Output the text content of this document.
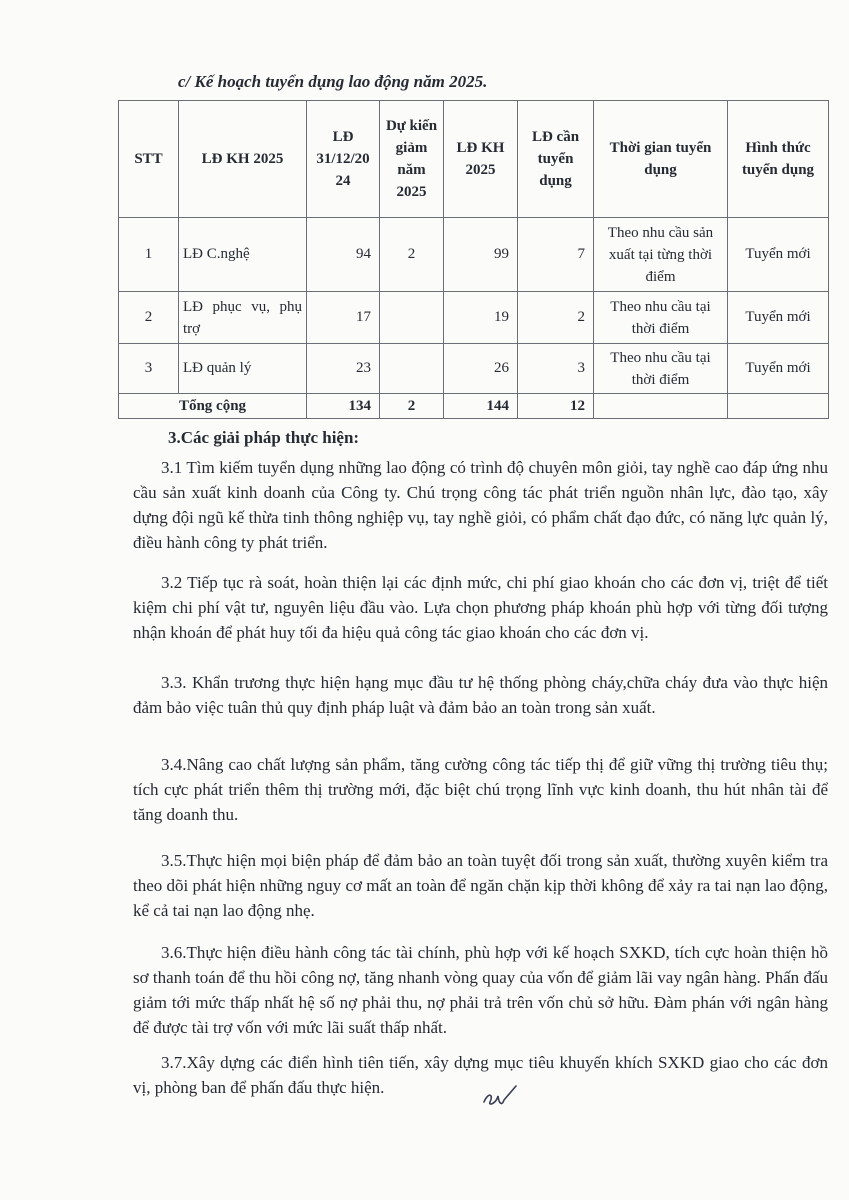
c/ Kế hoạch tuyển dụng lao động năm 2025.
STT	LĐ KH 2025	LĐ 31/12/20 24	Dự kiến giảm năm 2025	LĐ KH 2025	LĐ cần tuyển dụng	Thời gian tuyển dụng	Hình thức tuyển dụng
1	LĐ C.nghệ	94	2	99	7	Theo nhu cầu sản xuất tại từng thời điểm	Tuyển mới
2	LĐ phục vụ, phụ trợ	17		19	2	Theo nhu cầu tại thời điểm	Tuyển mới
3	LĐ quản lý	23		26	3	Theo nhu cầu tại thời điểm	Tuyển mới
Tổng cộng		134	2	144	12		
3.Các giải pháp thực hiện:

3.1 Tìm kiếm tuyển dụng những lao động có trình độ chuyên môn giỏi, tay nghề cao đáp ứng nhu cầu sản xuất kinh doanh của Công ty. Chú trọng công tác phát triển nguồn nhân lực, đào tạo, xây dựng đội ngũ kế thừa tinh thông nghiệp vụ, tay nghề giỏi, có phẩm chất đạo đức, có năng lực quản lý, điều hành công ty phát triển.

3.2 Tiếp tục rà soát, hoàn thiện lại các định mức, chi phí giao khoán cho các đơn vị, triệt để tiết kiệm chi phí vật tư, nguyên liệu đầu vào. Lựa chọn phương pháp khoán phù hợp với từng đối tượng nhận khoán để phát huy tối đa hiệu quả công tác giao khoán cho các đơn vị.

3.3. Khẩn trương thực hiện hạng mục đầu tư hệ thống phòng cháy,chữa cháy đưa vào thực hiện đảm bảo việc tuân thủ quy định pháp luật và đảm bảo an toàn trong sản xuất.

3.4.Nâng cao chất lượng sản phẩm, tăng cường công tác tiếp thị để giữ vững thị trường tiêu thụ; tích cực phát triển thêm thị trường mới, đặc biệt chú trọng lĩnh vực kinh doanh, thu hút nhân tài để tăng doanh thu.

3.5.Thực hiện mọi biện pháp để đảm bảo an toàn tuyệt đối trong sản xuất, thường xuyên kiểm tra theo dõi phát hiện những nguy cơ mất an toàn để ngăn chặn kịp thời không để xảy ra tai nạn lao động, kể cả tai nạn lao động nhẹ.

3.6.Thực hiện điều hành công tác tài chính, phù hợp với kế hoạch SXKD, tích cực hoàn thiện hồ sơ thanh toán để thu hồi công nợ, tăng nhanh vòng quay của vốn để giảm lãi vay ngân hàng. Phấn đấu giảm tới mức thấp nhất hệ số nợ phải thu, nợ phải trả trên vốn chủ sở hữu. Đàm phán với ngân hàng để được tài trợ vốn với mức lãi suất thấp nhất.

3.7.Xây dựng các điển hình tiên tiến, xây dựng mục tiêu khuyến khích SXKD giao cho các đơn vị, phòng ban để phấn đấu thực hiện.
